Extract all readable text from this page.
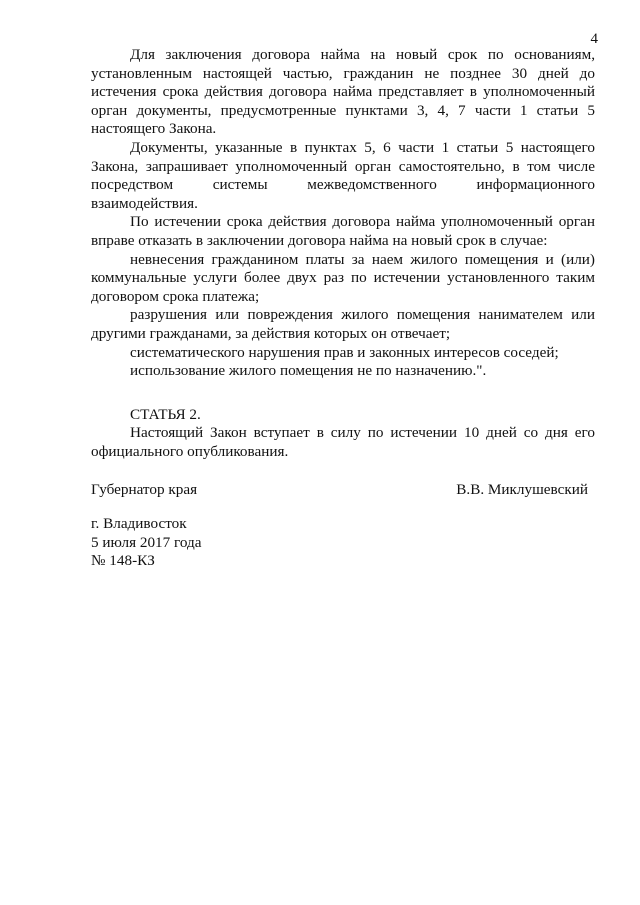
4

Для заключения договора найма на новый срок по основаниям, установленным настоящей частью, гражданин не позднее 30 дней до истечения срока действия договора найма представляет в уполномоченный орган документы, предусмотренные пунктами 3, 4, 7 части 1 статьи 5 настоящего Закона.

Документы, указанные в пунктах 5, 6 части 1 статьи 5 настоящего Закона, запрашивает уполномоченный орган самостоятельно, в том числе посредством системы межведомственного информационного взаимодействия.

По истечении срока действия договора найма уполномоченный орган вправе отказать в заключении договора найма на новый срок в случае:

невнесения гражданином платы за наем жилого помещения и (или) коммунальные услуги более двух раз по истечении установленного таким договором срока платежа;

разрушения или повреждения жилого помещения нанимателем или другими гражданами, за действия которых он отвечает;

систематического нарушения прав и законных интересов соседей;

использование жилого помещения не по назначению.".

СТАТЬЯ 2.

Настоящий Закон вступает в силу по истечении 10 дней со дня его официального опубликования.

Губернатор края	В.В. Миклушевский
г. Владивосток
5 июля 2017 года
№ 148-КЗ
